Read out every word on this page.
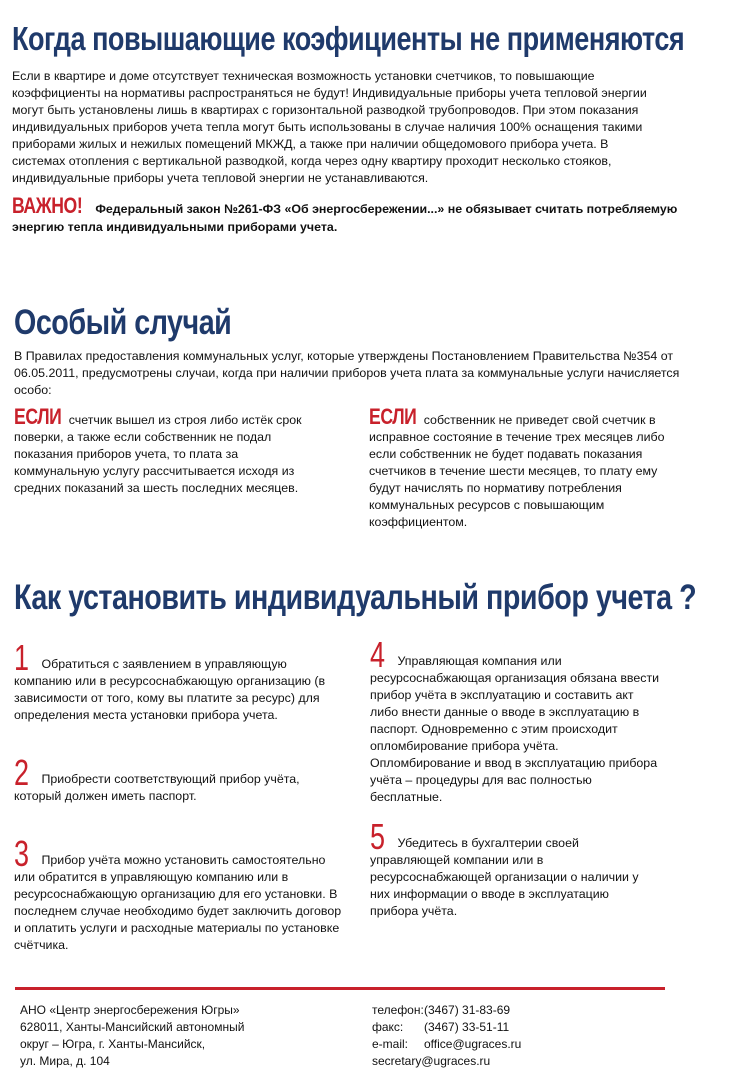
Когда повышающие коэфициенты не применяются
Если в квартире и доме отсутствует техническая возможность установки счетчиков, то повышающие коэффициенты на нормативы распространяться не будут! Индивидуальные приборы учета тепловой энергии могут быть установлены лишь в квартирах с горизонтальной разводкой трубопроводов. При этом показания индивидуальных приборов учета тепла могут быть использованы в случае наличия 100% оснащения такими приборами жилых и нежилых помещений МКЖД, а также при наличии общедомового прибора учета. В системах отопления с вертикальной разводкой, когда через одну квартиру проходит несколько стояков, индивидуальные приборы учета тепловой энергии не устанавливаются.
ВАЖНО! Федеральный закон №261-ФЗ «Об энергосбережении...» не обязывает считать потребляемую энергию тепла индивидуальными приборами учета.
Особый случай
В Правилах предоставления коммунальных услуг, которые утверждены Постановлением Правительства №354 от 06.05.2011, предусмотрены случаи, когда при наличии приборов учета плата за коммунальные услуги начисляется особо:
ЕСЛИ счетчик вышел из строя либо истёк срок поверки, а также если собственник не подал показания приборов учета, то плата за коммунальную услугу рассчитывается исходя из средних показаний за шесть последних месяцев.
ЕСЛИ собственник не приведет свой счетчик в исправное состояние в течение трех месяцев либо если собственник не будет подавать показания счетчиков в течение шести месяцев, то плату ему будут начислять по нормативу потребления коммунальных ресурсов с повышающим коэффициентом.
Как установить индивидуальный прибор учета ?
1 Обратиться с заявлением в управляющую компанию или в ресурсоснабжающую организацию (в зависимости от того, кому вы платите за ресурс) для определения места установки прибора учета.
2 Приобрести соответствующий прибор учёта, который должен иметь паспорт.
3 Прибор учёта можно установить самостоятельно или обратится в управляющую компанию или в ресурсоснабжающую организацию для его установки. В последнем случае необходимо будет заключить договор и оплатить услуги и расходные материалы по установке счётчика.
4 Управляющая компания или ресурсоснабжающая организация обязана ввести прибор учёта в эксплуатацию и составить акт либо внести данные о вводе в эксплуатацию в паспорт. Одновременно с этим происходит опломбирование прибора учёта. Опломбирование и ввод в эксплуатацию прибора учёта – процедуры для вас полностью бесплатные.
5 Убедитесь в бухгалтерии своей управляющей компании или в ресурсоснабжающей организации о наличии у них информации о вводе в эксплуатацию прибора учёта.
АНО «Центр энергосбережения Югры»
628011, Ханты-Мансийский автономный
округ – Югра, г. Ханты-Мансийск,
ул. Мира, д. 104
телефон:(3467) 31-83-69
факс: (3467) 33-51-11
e-mail: office@ugraces.ru
secretary@ugraces.ru
